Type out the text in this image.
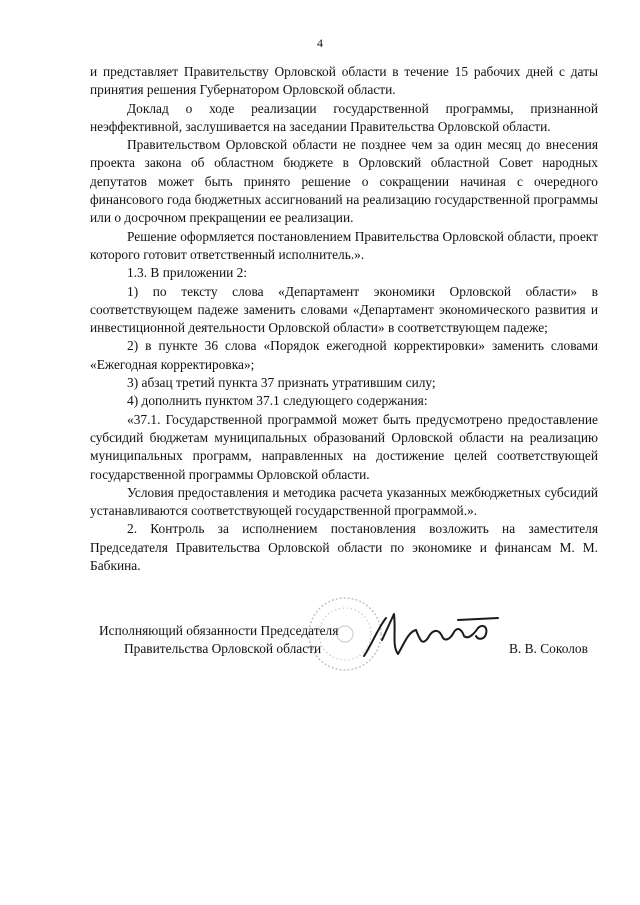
4

и представляет Правительству Орловской области в течение 15 рабочих дней с даты принятия решения Губернатором Орловской области.

Доклад о ходе реализации государственной программы, признанной неэффективной, заслушивается на заседании Правительства Орловской области.

Правительством Орловской области не позднее чем за один месяц до внесения проекта закона об областном бюджете в Орловский областной Совет народных депутатов может быть принято решение о сокращении начиная с очередного финансового года бюджетных ассигнований на реализацию государственной программы или о досрочном прекращении ее реализации.

Решение оформляется постановлением Правительства Орловской области, проект которого готовит ответственный исполнитель.».

1.3. В приложении 2:

1) по тексту слова «Департамент экономики Орловской области» в соответствующем падеже заменить словами «Департамент экономического развития и инвестиционной деятельности Орловской области» в соответствующем падеже;

2) в пункте 36 слова «Порядок ежегодной корректировки» заменить словами «Ежегодная корректировка»;

3) абзац третий пункта 37 признать утратившим силу;

4) дополнить пунктом 37.1 следующего содержания:

«37.1. Государственной программой может быть предусмотрено предоставление субсидий бюджетам муниципальных образований Орловской области на реализацию муниципальных программ, направленных на достижение целей соответствующей государственной программы Орловской области.

Условия предоставления и методика расчета указанных межбюджетных субсидий устанавливаются соответствующей государственной программой.».

2. Контроль за исполнением постановления возложить на заместителя Председателя Правительства Орловской области по экономике и финансам М. М. Бабкина.

Исполняющий обязанности Председателя
Правительства Орловской области	В. В. Соколов
